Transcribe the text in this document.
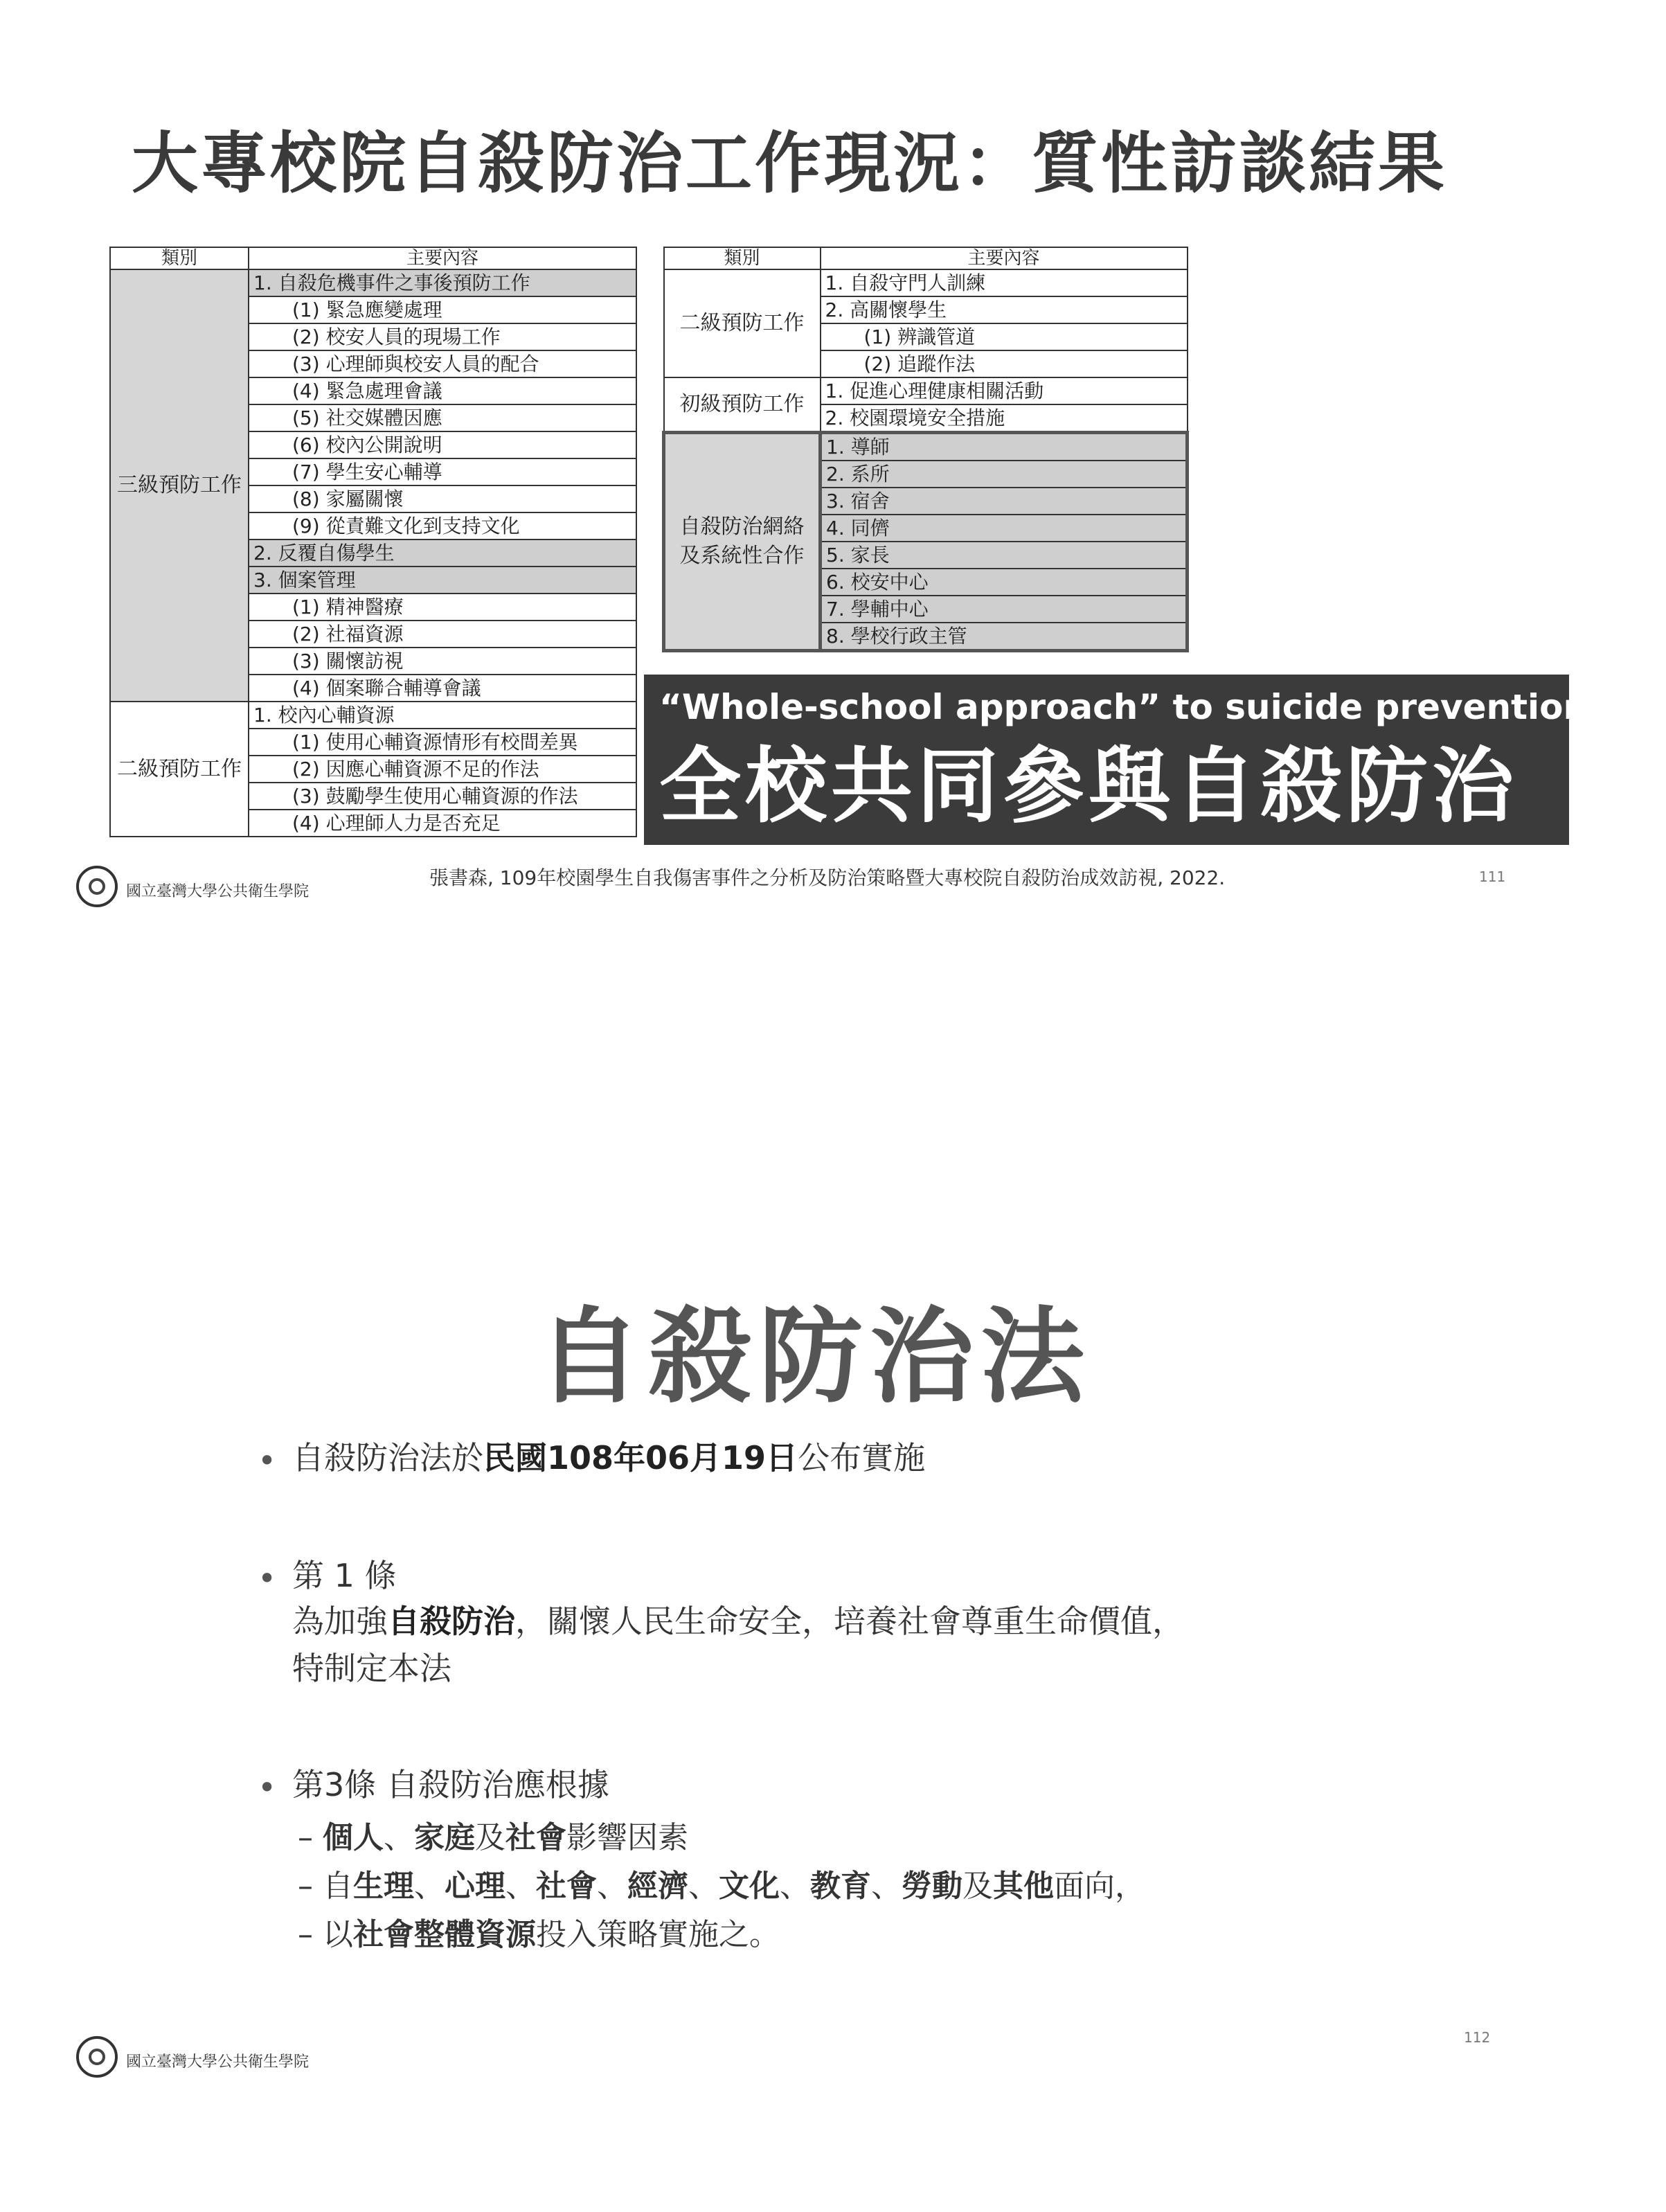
大專校院自殺防治工作現況：質性訪談結果
類別	主要內容
三級預防工作	1. 自殺危機事件之事後預防工作
	(1) 緊急應變處理
	(2) 校安人員的現場工作
	(3) 心理師與校安人員的配合
	(4) 緊急處理會議
	(5) 社交媒體因應
	(6) 校內公開說明
	(7) 學生安心輔導
	(8) 家屬關懷
	(9) 從責難文化到支持文化
	2. 反覆自傷學生
	3. 個案管理
	(1) 精神醫療
	(2) 社福資源
	(3) 關懷訪視
	(4) 個案聯合輔導會議
二級預防工作	1. 校內心輔資源
	(1) 使用心輔資源情形有校間差異
	(2) 因應心輔資源不足的作法
	(3) 鼓勵學生使用心輔資源的作法
	(4) 心理師人力是否充足
類別	主要內容
二級預防工作	1. 自殺守門人訓練
	2. 高關懷學生
	(1) 辨識管道
	(2) 追蹤作法
初級預防工作	1. 促進心理健康相關活動
	2. 校園環境安全措施
自殺防治網絡及系統性合作	1. 導師
	2. 系所
	3. 宿舍
	4. 同儕
	5. 家長
	6. 校安中心
	7. 學輔中心
	8. 學校行政主管
“Whole-school approach” to suicide prevention
全校共同參與自殺防治
國立臺灣大學公共衛生學院
張書森, 109年校園學生自我傷害事件之分析及防治策略暨大專校院自殺防治成效訪視, 2022.	111
自殺防治法
• 自殺防治法於民國108年06月19日公布實施
• 第 1 條
為加強自殺防治，關懷人民生命安全，培養社會尊重生命價值，
特制定本法
• 第3條 自殺防治應根據
– 個人、家庭及社會影響因素
– 自生理、心理、社會、經濟、文化、教育、勞動及其他面向，
– 以社會整體資源投入策略實施之。
國立臺灣大學公共衛生學院
112
